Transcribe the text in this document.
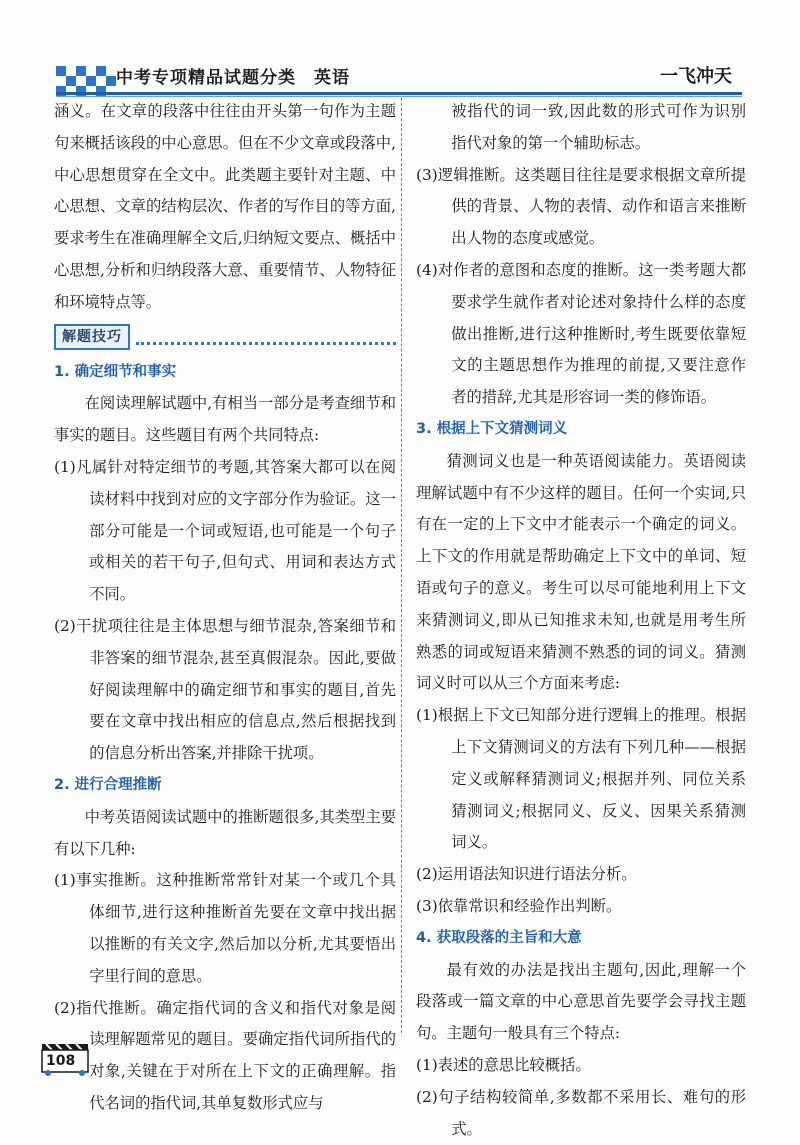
中考专项精品试题分类　英语	一飞冲天

涵义。在文章的段落中往往由开头第一句作为主题句来概括该段的中心意思。但在不少文章或段落中,中心思想贯穿在全文中。此类题主要针对主题、中心思想、文章的结构层次、作者的写作目的等方面,要求考生在准确理解全文后,归纳短文要点、概括中心思想,分析和归纳段落大意、重要情节、人物特征和环境特点等。

解题技巧

1. 确定细节和事实

在阅读理解试题中,有相当一部分是考查细节和事实的题目。这些题目有两个共同特点:

(1)凡属针对特定细节的考题,其答案大都可以在阅读材料中找到对应的文字部分作为验证。这一部分可能是一个词或短语,也可能是一个句子或相关的若干句子,但句式、用词和表达方式不同。

(2)干扰项往往是主体思想与细节混杂,答案细节和非答案的细节混杂,甚至真假混杂。因此,要做好阅读理解中的确定细节和事实的题目,首先要在文章中找出相应的信息点,然后根据找到的信息分析出答案,并排除干扰项。

2. 进行合理推断

中考英语阅读试题中的推断题很多,其类型主要有以下几种:

(1)事实推断。这种推断常常针对某一个或几个具体细节,进行这种推断首先要在文章中找出据以推断的有关文字,然后加以分析,尤其要悟出字里行间的意思。

(2)指代推断。确定指代词的含义和指代对象是阅读理解题常见的题目。要确定指代词所指代的对象,关键在于对所在上下文的正确理解。指代名词的指代词,其单复数形式应与

被指代的词一致,因此数的形式可作为识别指代对象的第一个辅助标志。

(3)逻辑推断。这类题目往往是要求根据文章所提供的背景、人物的表情、动作和语言来推断出人物的态度或感觉。

(4)对作者的意图和态度的推断。这一类考题大都要求学生就作者对论述对象持什么样的态度做出推断,进行这种推断时,考生既要依靠短文的主题思想作为推理的前提,又要注意作者的措辞,尤其是形容词一类的修饰语。

3. 根据上下文猜测词义

猜测词义也是一种英语阅读能力。英语阅读理解试题中有不少这样的题目。任何一个实词,只有在一定的上下文中才能表示一个确定的词义。上下文的作用就是帮助确定上下文中的单词、短语或句子的意义。考生可以尽可能地利用上下文来猜测词义,即从已知推求未知,也就是用考生所熟悉的词或短语来猜测不熟悉的词的词义。猜测词义时可以从三个方面来考虑:

(1)根据上下文已知部分进行逻辑上的推理。根据上下文猜测词义的方法有下列几种——根据定义或解释猜测词义;根据并列、同位关系猜测词义;根据同义、反义、因果关系猜测词义。

(2)运用语法知识进行语法分析。

(3)依靠常识和经验作出判断。

4. 获取段落的主旨和大意

最有效的办法是找出主题句,因此,理解一个段落或一篇文章的中心意思首先要学会寻找主题句。主题句一般具有三个特点:

(1)表述的意思比较概括。

(2)句子结构较简单,多数都不采用长、难句的形式。

108
